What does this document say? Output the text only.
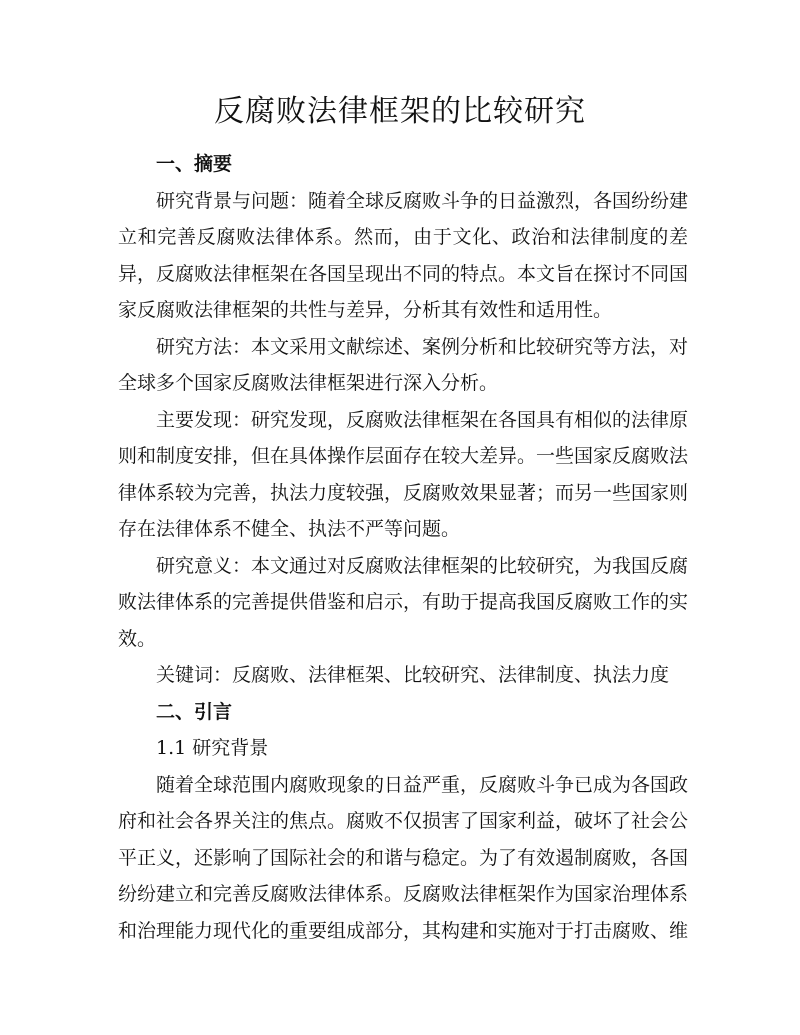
反腐败法律框架的比较研究

一、摘要

研究背景与问题：随着全球反腐败斗争的日益激烈，各国纷纷建立和完善反腐败法律体系。然而，由于文化、政治和法律制度的差异，反腐败法律框架在各国呈现出不同的特点。本文旨在探讨不同国家反腐败法律框架的共性与差异，分析其有效性和适用性。

研究方法：本文采用文献综述、案例分析和比较研究等方法，对全球多个国家反腐败法律框架进行深入分析。

主要发现：研究发现，反腐败法律框架在各国具有相似的法律原则和制度安排，但在具体操作层面存在较大差异。一些国家反腐败法律体系较为完善，执法力度较强，反腐败效果显著；而另一些国家则存在法律体系不健全、执法不严等问题。

研究意义：本文通过对反腐败法律框架的比较研究，为我国反腐败法律体系的完善提供借鉴和启示，有助于提高我国反腐败工作的实效。

关键词：反腐败、法律框架、比较研究、法律制度、执法力度

二、引言

1.1 研究背景

随着全球范围内腐败现象的日益严重，反腐败斗争已成为各国政府和社会各界关注的焦点。腐败不仅损害了国家利益，破坏了社会公平正义，还影响了国际社会的和谐与稳定。为了有效遏制腐败，各国纷纷建立和完善反腐败法律体系。反腐败法律框架作为国家治理体系和治理能力现代化的重要组成部分，其构建和实施对于打击腐败、维
